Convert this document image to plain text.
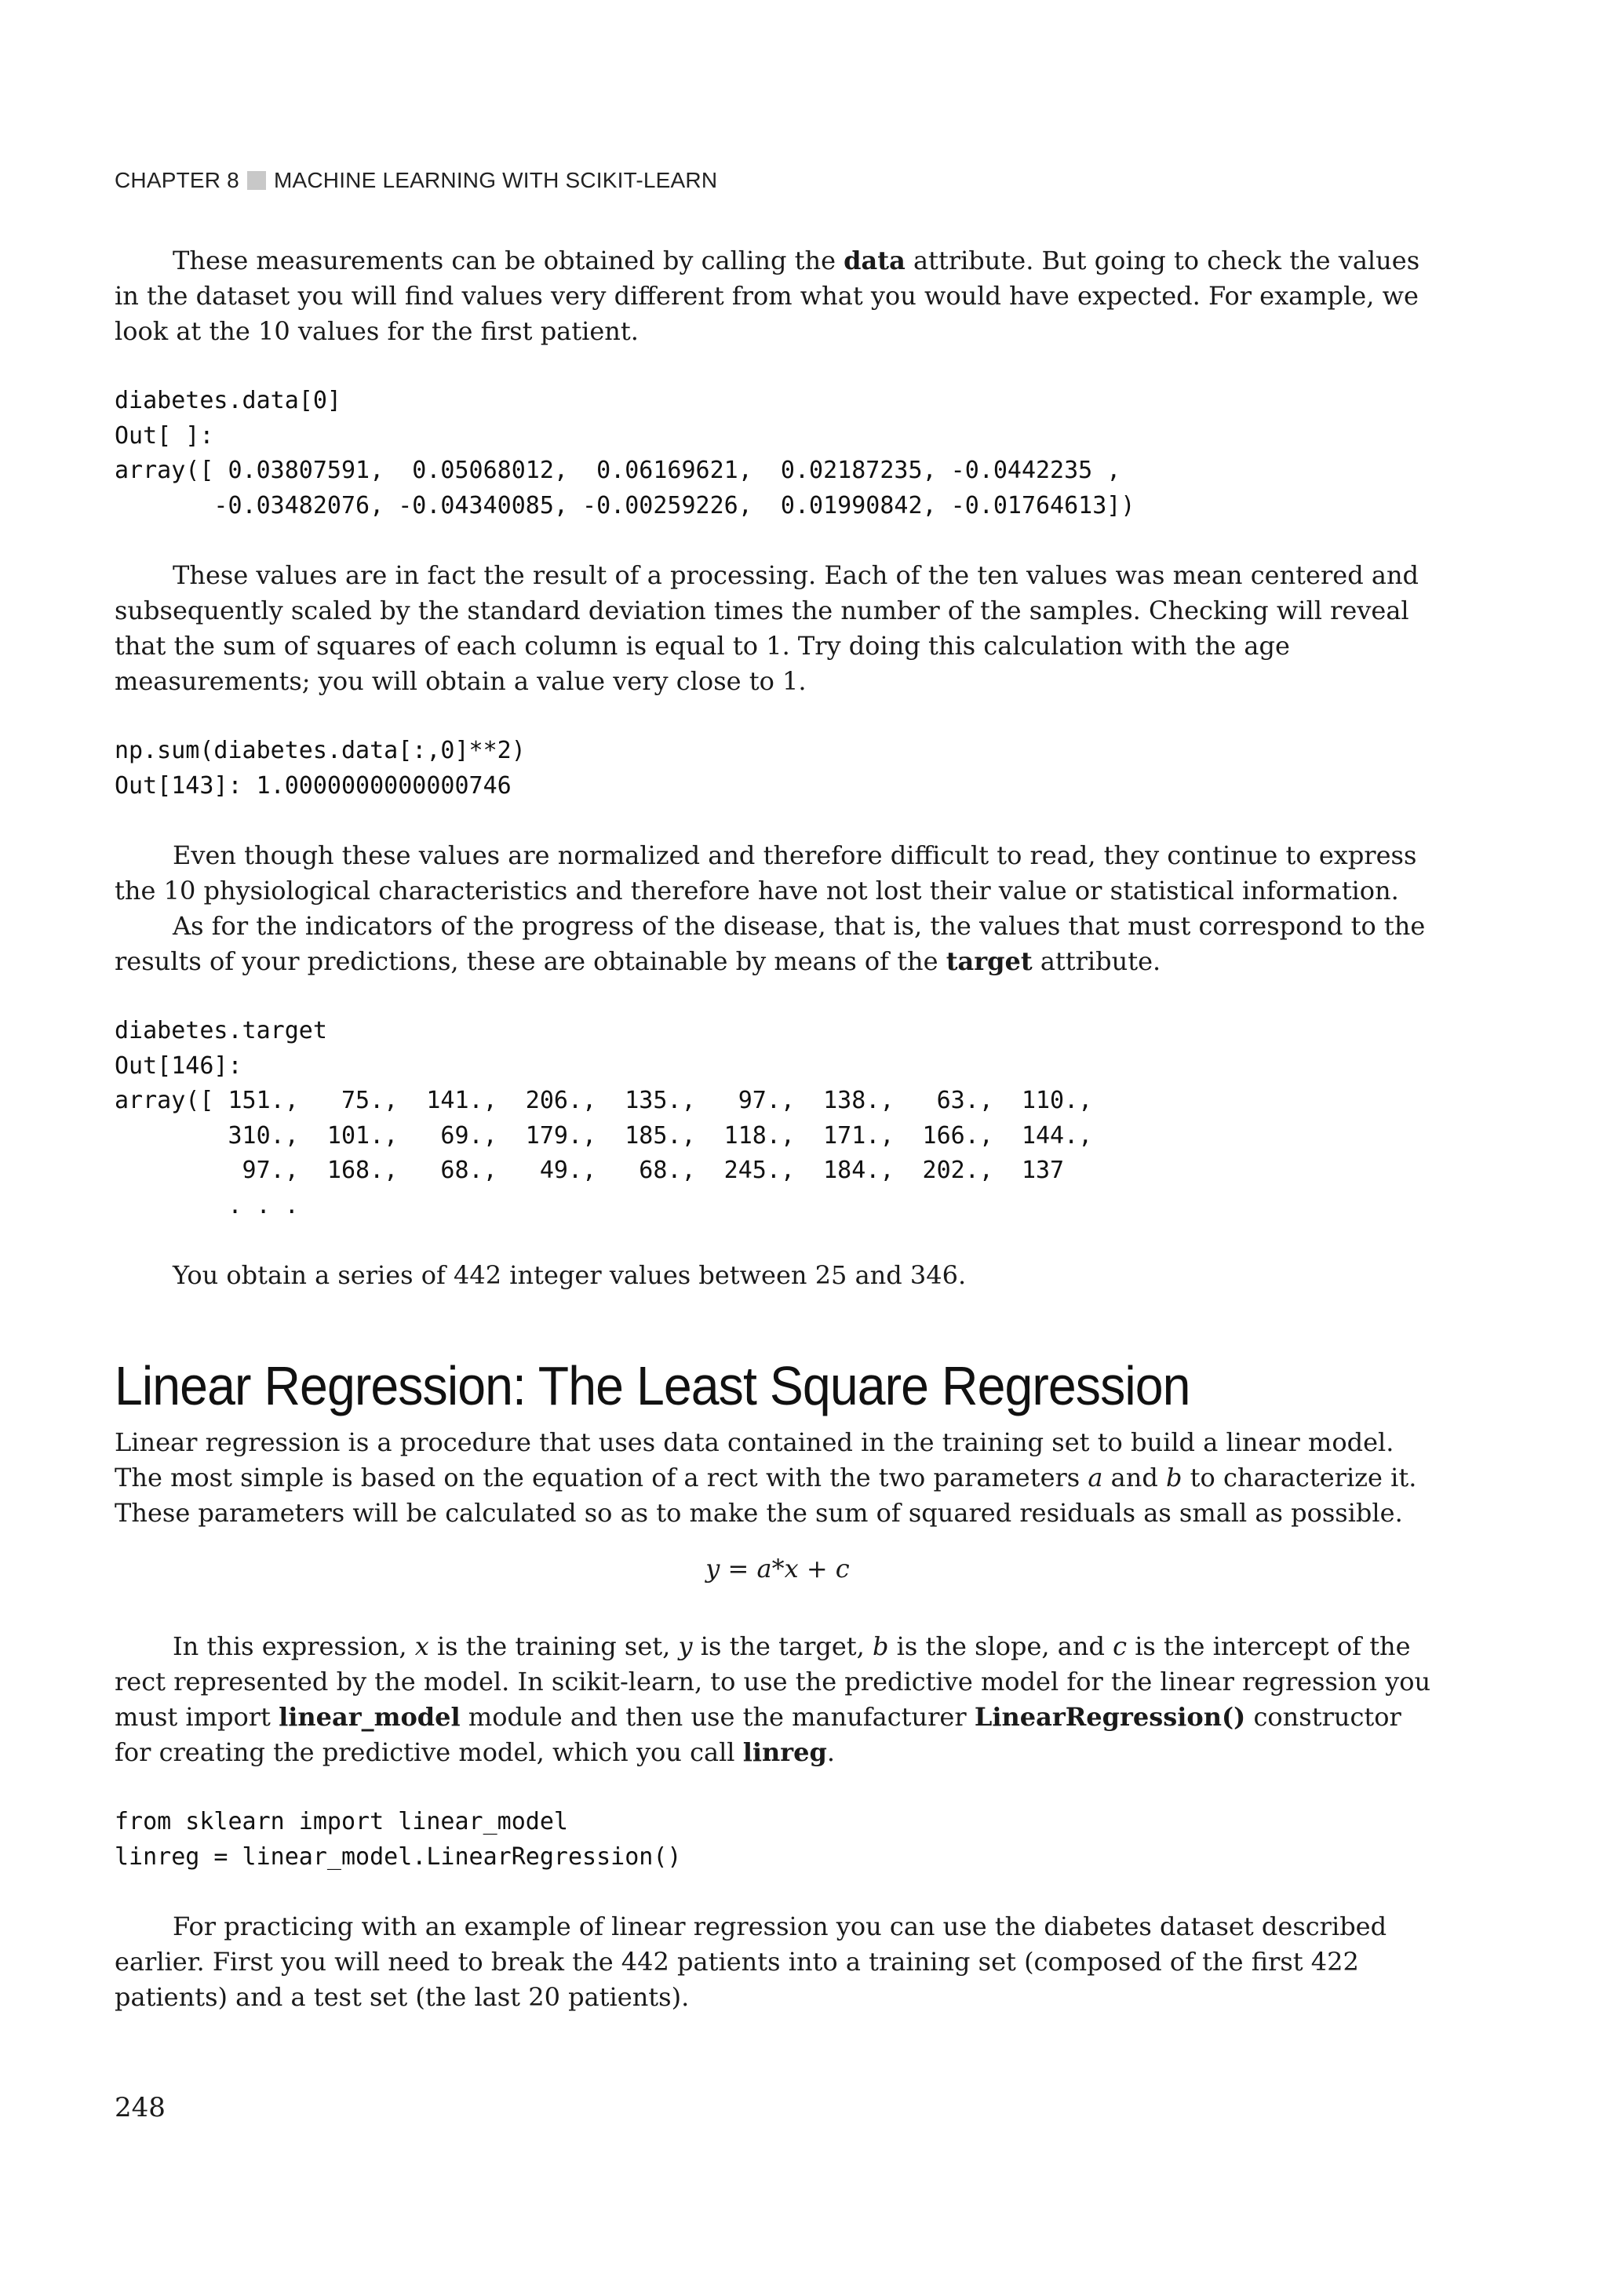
CHAPTER 8 MACHINE LEARNING WITH SCIKIT-LEARN

These measurements can be obtained by calling the data attribute. But going to check the values in the dataset you will find values very different from what you would have expected. For example, we look at the 10 values for the first patient.

diabetes.data[0]
Out[ ]:
array([ 0.03807591,  0.05068012,  0.06169621,  0.02187235, -0.0442235 ,
-0.03482076, -0.04340085, -0.00259226,  0.01990842, -0.01764613])

These values are in fact the result of a processing. Each of the ten values was mean centered and subsequently scaled by the standard deviation times the number of the samples. Checking will reveal that the sum of squares of each column is equal to 1. Try doing this calculation with the age measurements; you will obtain a value very close to 1.

np.sum(diabetes.data[:,0]**2)
Out[143]: 1.0000000000000746

Even though these values are normalized and therefore difficult to read, they continue to express the 10 physiological characteristics and therefore have not lost their value or statistical information.

As for the indicators of the progress of the disease, that is, the values that must correspond to the results of your predictions, these are obtainable by means of the target attribute.

diabetes.target
Out[146]:
array([ 151.,   75.,  141.,  206.,  135.,   97.,  138.,   63.,  110.,
310.,  101.,   69.,  179.,  185.,  118.,  171.,  166.,  144.,
97.,  168.,   68.,   49.,   68.,  245.,  184.,  202.,  137
. . .

You obtain a series of 442 integer values between 25 and 346.

Linear Regression: The Least Square Regression

Linear regression is a procedure that uses data contained in the training set to build a linear model. The most simple is based on the equation of a rect with the two parameters a and b to characterize it. These parameters will be calculated so as to make the sum of squared residuals as small as possible.

y = a*x + c

In this expression, x is the training set, y is the target, b is the slope, and c is the intercept of the rect represented by the model. In scikit-learn, to use the predictive model for the linear regression you must import linear_model module and then use the manufacturer LinearRegression() constructor for creating the predictive model, which you call linreg.

from sklearn import linear_model
linreg = linear_model.LinearRegression()

For practicing with an example of linear regression you can use the diabetes dataset described earlier. First you will need to break the 442 patients into a training set (composed of the first 422 patients) and a test set (the last 20 patients).

248
